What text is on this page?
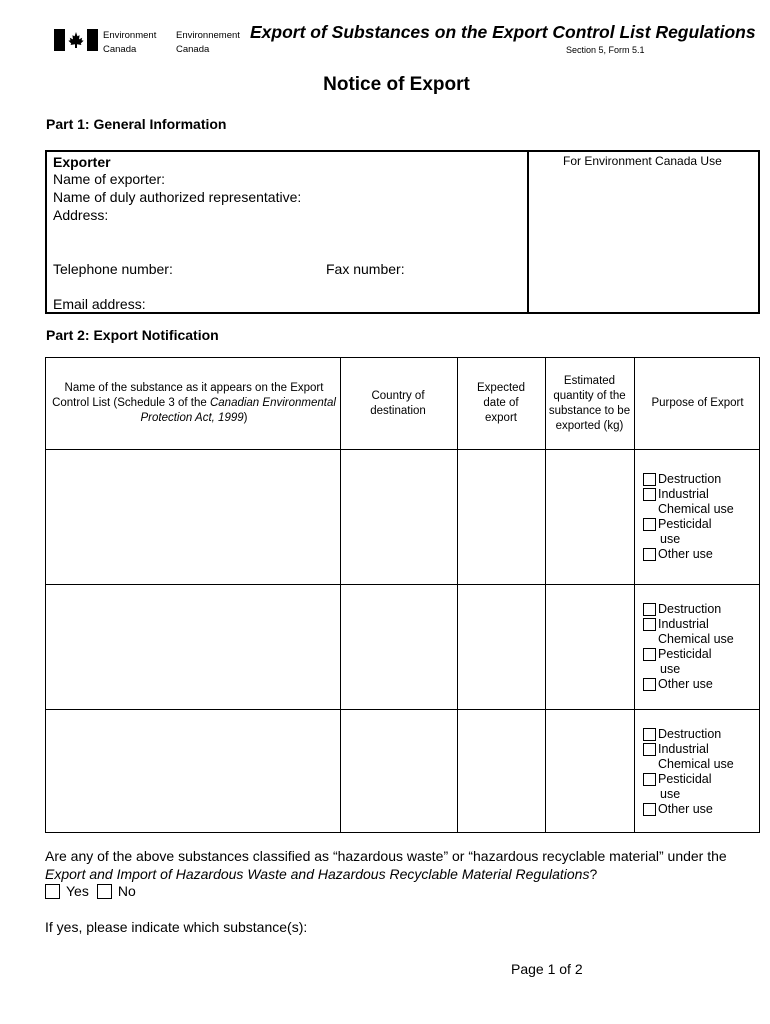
Environment
Canada
Environnement
Canada
Export of Substances on the Export Control List Regulations
Section 5, Form 5.1
Notice of Export
Part 1: General Information
Exporter
Name of exporter:
Name of duly authorized representative:
Address:
Telephone number:	Fax number:
Email address:
For Environment Canada Use
Part 2: Export Notification
Name of the substance as it appears on the Export Control List (Schedule 3 of the Canadian Environmental Protection Act, 1999)
Country of destination
Expected date of export
Estimated quantity of the substance to be exported (kg)
Purpose of Export
Destruction
Industrial
Chemical use
Pesticidal
use
Other use
Destruction
Industrial
Chemical use
Pesticidal
use
Other use
Destruction
Industrial
Chemical use
Pesticidal
use
Other use
Are any of the above substances classified as “hazardous waste” or “hazardous recyclable material” under the Export and Import of Hazardous Waste and Hazardous Recyclable Material Regulations?
Yes No
If yes, please indicate which substance(s):
Page 1 of 2
